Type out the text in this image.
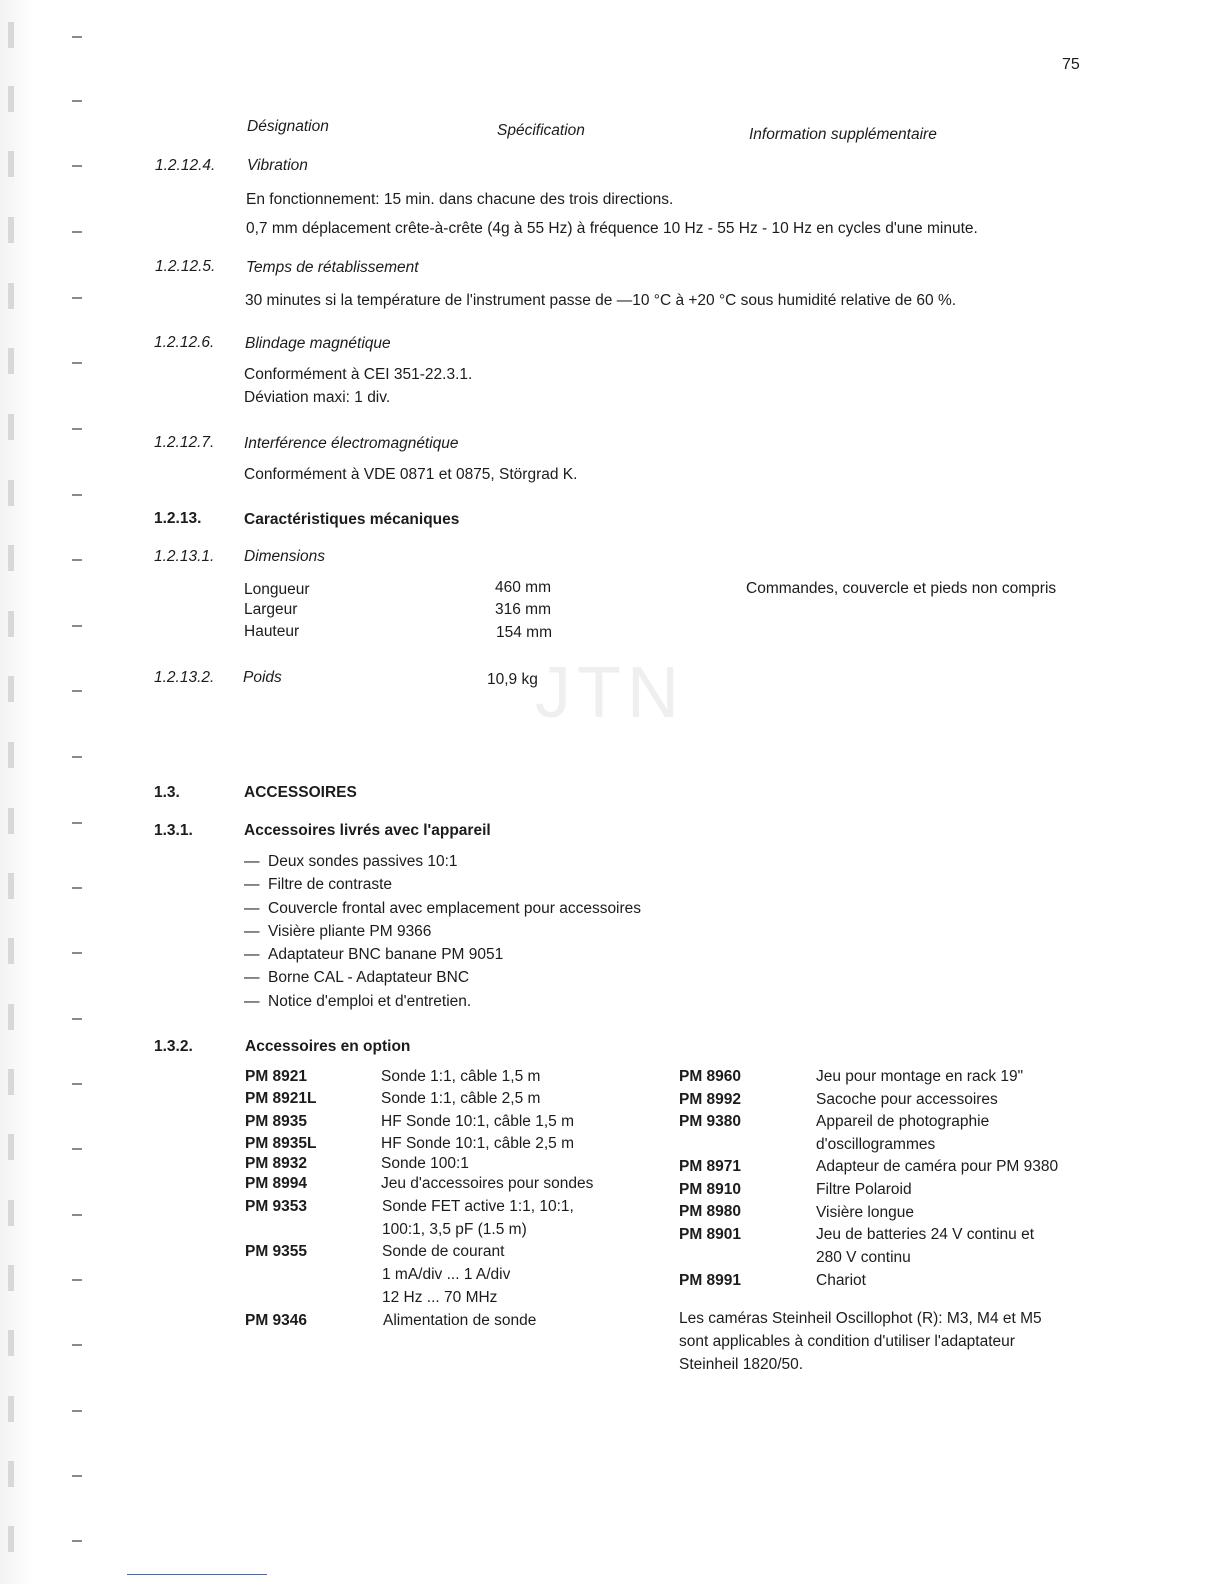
JTN
75
Désignation	Spécification	Information supplémentaire
1.2.12.4. Vibration
En fonctionnement: 15 min. dans chacune des trois directions.
0,7 mm déplacement crête-à-crête (4g à 55 Hz) à fréquence 10 Hz - 55 Hz - 10 Hz en cycles d'une minute.
1.2.12.5. Temps de rétablissement
30 minutes si la température de l'instrument passe de —10 °C à +20 °C sous humidité relative de 60 %.
1.2.12.6. Blindage magnétique
Conformément à CEI 351-22.3.1.
Déviation maxi: 1 div.
1.2.12.7. Interférence électromagnétique
Conformément à VDE 0871 et 0875, Störgrad K.
1.2.13.	Caractéristiques mécaniques
1.2.13.1. Dimensions
Longueur	460 mm
Largeur	316 mm
Hauteur	154 mm
Commandes, couvercle et pieds non compris
1.2.13.2. Poids	10,9 kg
1.3.	ACCESSOIRES
1.3.1.	Accessoires livrés avec l'appareil
— Deux sondes passives 10:1
— Filtre de contraste
— Couvercle frontal avec emplacement pour accessoires
— Visière pliante PM 9366
— Adaptateur BNC banane PM 9051
— Borne CAL - Adaptateur BNC
— Notice d'emploi et d'entretien.
1.3.2.	Accessoires en option
PM 8921	Sonde 1:1, câble 1,5 m
PM 8921L	Sonde 1:1, câble 2,5 m
PM 8935	HF Sonde 10:1, câble 1,5 m
PM 8935L	HF Sonde 10:1, câble 2,5 m
PM 8932	Sonde 100:1
PM 8994	Jeu d'accessoires pour sondes
PM 9353	Sonde FET active 1:1, 10:1,
100:1, 3,5 pF (1.5 m)
PM 9355	Sonde de courant
1 mA/div ... 1 A/div
12 Hz ... 70 MHz
PM 9346	Alimentation de sonde
PM 8960	Jeu pour montage en rack 19"
PM 8992	Sacoche pour accessoires
PM 9380	Appareil de photographie
d'oscillogrammes
PM 8971	Adapteur de caméra pour PM 9380
PM 8910	Filtre Polaroid
PM 8980	Visière longue
PM 8901	Jeu de batteries 24 V continu et
280 V continu
PM 8991	Chariot
Les caméras Steinheil Oscillophot (R): M3, M4 et M5
sont applicables à condition d'utiliser l'adaptateur
Steinheil 1820/50.
